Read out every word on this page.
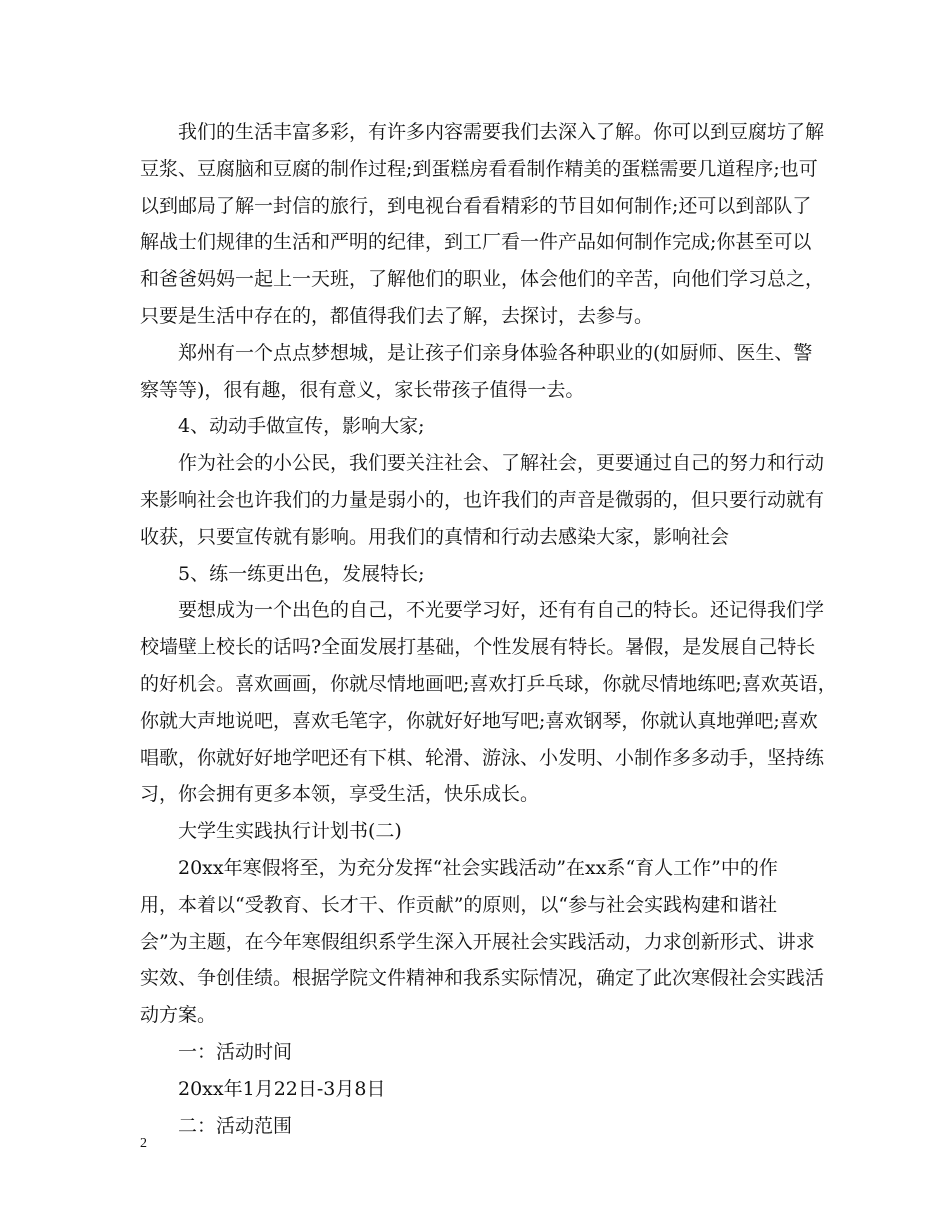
我们的生活丰富多彩，有许多内容需要我们去深入了解。你可以到豆腐坊了解
豆浆、豆腐脑和豆腐的制作过程;到蛋糕房看看制作精美的蛋糕需要几道程序;也可
以到邮局了解一封信的旅行，到电视台看看精彩的节目如何制作;还可以到部队了
解战士们规律的生活和严明的纪律，到工厂看一件产品如何制作完成;你甚至可以
和爸爸妈妈一起上一天班，了解他们的职业，体会他们的辛苦，向他们学习总之，
只要是生活中存在的，都值得我们去了解，去探讨，去参与。
郑州有一个点点梦想城，是让孩子们亲身体验各种职业的(如厨师、医生、警
察等等)，很有趣，很有意义，家长带孩子值得一去。
4、动动手做宣传，影响大家;
作为社会的小公民，我们要关注社会、了解社会，更要通过自己的努力和行动
来影响社会也许我们的力量是弱小的，也许我们的声音是微弱的，但只要行动就有
收获，只要宣传就有影响。用我们的真情和行动去感染大家，影响社会
5、练一练更出色，发展特长;
要想成为一个出色的自己，不光要学习好，还有有自己的特长。还记得我们学
校墙壁上校长的话吗?全面发展打基础，个性发展有特长。暑假，是发展自己特长
的好机会。喜欢画画，你就尽情地画吧;喜欢打乒乓球，你就尽情地练吧;喜欢英语，
你就大声地说吧，喜欢毛笔字，你就好好地写吧;喜欢钢琴，你就认真地弹吧;喜欢
唱歌，你就好好地学吧还有下棋、轮滑、游泳、小发明、小制作多多动手，坚持练
习，你会拥有更多本领，享受生活，快乐成长。
大学生实践执行计划书(二)
20xx年寒假将至，为充分发挥“社会实践活动”在xx系“育人工作”中的作
用，本着以“受教育、长才干、作贡献”的原则，以“参与社会实践构建和谐社
会”为主题，在今年寒假组织系学生深入开展社会实践活动，力求创新形式、讲求
实效、争创佳绩。根据学院文件精神和我系实际情况，确定了此次寒假社会实践活
动方案。
一：活动时间
20xx年1月22日-3月8日
二：活动范围
2
